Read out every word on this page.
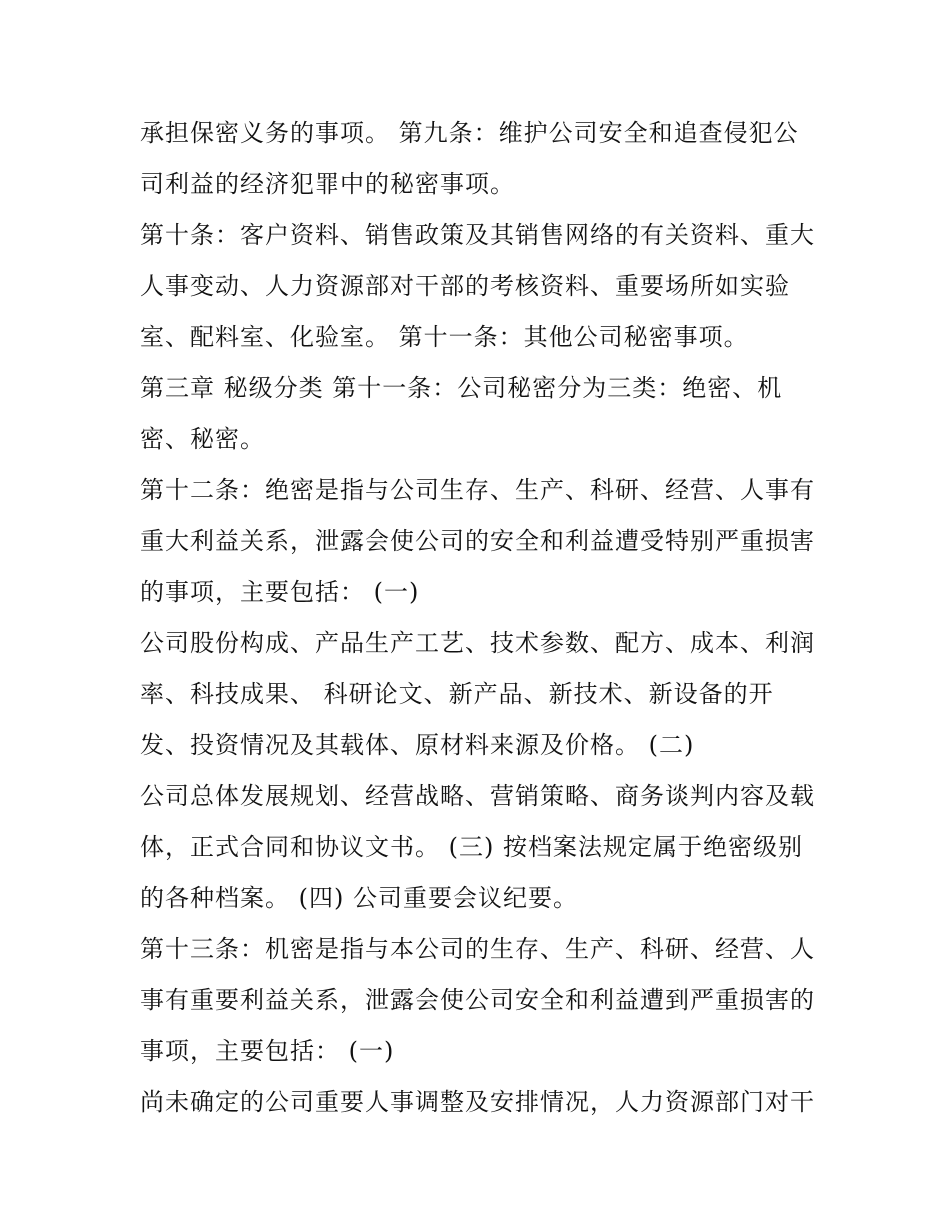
承担保密义务的事项。 第九条：维护公司安全和追查侵犯公
司利益的经济犯罪中的秘密事项。
第十条：客户资料、销售政策及其销售网络的有关资料、重大
人事变动、人力资源部对干部的考核资料、重要场所如实验
室、配料室、化验室。 第十一条：其他公司秘密事项。
第三章 秘级分类 第十一条：公司秘密分为三类：绝密、机
密、秘密。
第十二条：绝密是指与公司生存、生产、科研、经营、人事有
重大利益关系，泄露会使公司的安全和利益遭受特别严重损害
的事项，主要包括： (一)
公司股份构成、产品生产工艺、技术参数、配方、成本、利润
率、科技成果、 科研论文、新产品、新技术、新设备的开
发、投资情况及其载体、原材料来源及价格。 (二)
公司总体发展规划、经营战略、营销策略、商务谈判内容及载
体，正式合同和协议文书。 (三) 按档案法规定属于绝密级别
的各种档案。 (四) 公司重要会议纪要。
第十三条：机密是指与本公司的生存、生产、科研、经营、人
事有重要利益关系，泄露会使公司安全和利益遭到严重损害的
事项，主要包括： (一)
尚未确定的公司重要人事调整及安排情况，人力资源部门对干
